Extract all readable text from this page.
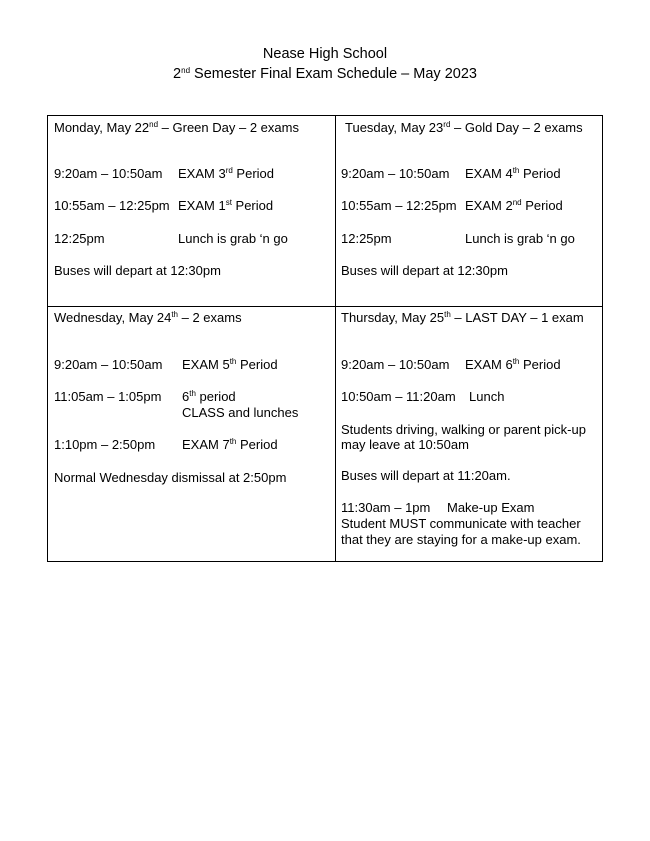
Nease High School
2nd Semester Final Exam Schedule – May 2023
Monday, May 22nd – Green Day – 2 exams
9:20am – 10:50am EXAM 3rd Period
10:55am – 12:25pm EXAM 1st Period
12:25pm	Lunch is grab ‘n go
Buses will depart at 12:30pm
Tuesday, May 23rd – Gold Day – 2 exams
9:20am – 10:50am EXAM 4th Period
10:55am – 12:25pm EXAM 2nd Period
12:25pm	Lunch is grab ‘n go
Buses will depart at 12:30pm
Wednesday, May 24th – 2 exams
9:20am – 10:50am EXAM 5th Period
11:05am – 1:05pm 6th period
CLASS and lunches
1:10pm – 2:50pm EXAM 7th Period
Normal Wednesday dismissal at 2:50pm
Thursday, May 25th – LAST DAY – 1 exam
9:20am – 10:50am EXAM 6th Period
10:50am – 11:20am Lunch
Students driving, walking or parent pick-up may leave at 10:50am
Buses will depart at 11:20am.
11:30am – 1pm Make-up Exam
Student MUST communicate with teacher that they are staying for a make-up exam.
